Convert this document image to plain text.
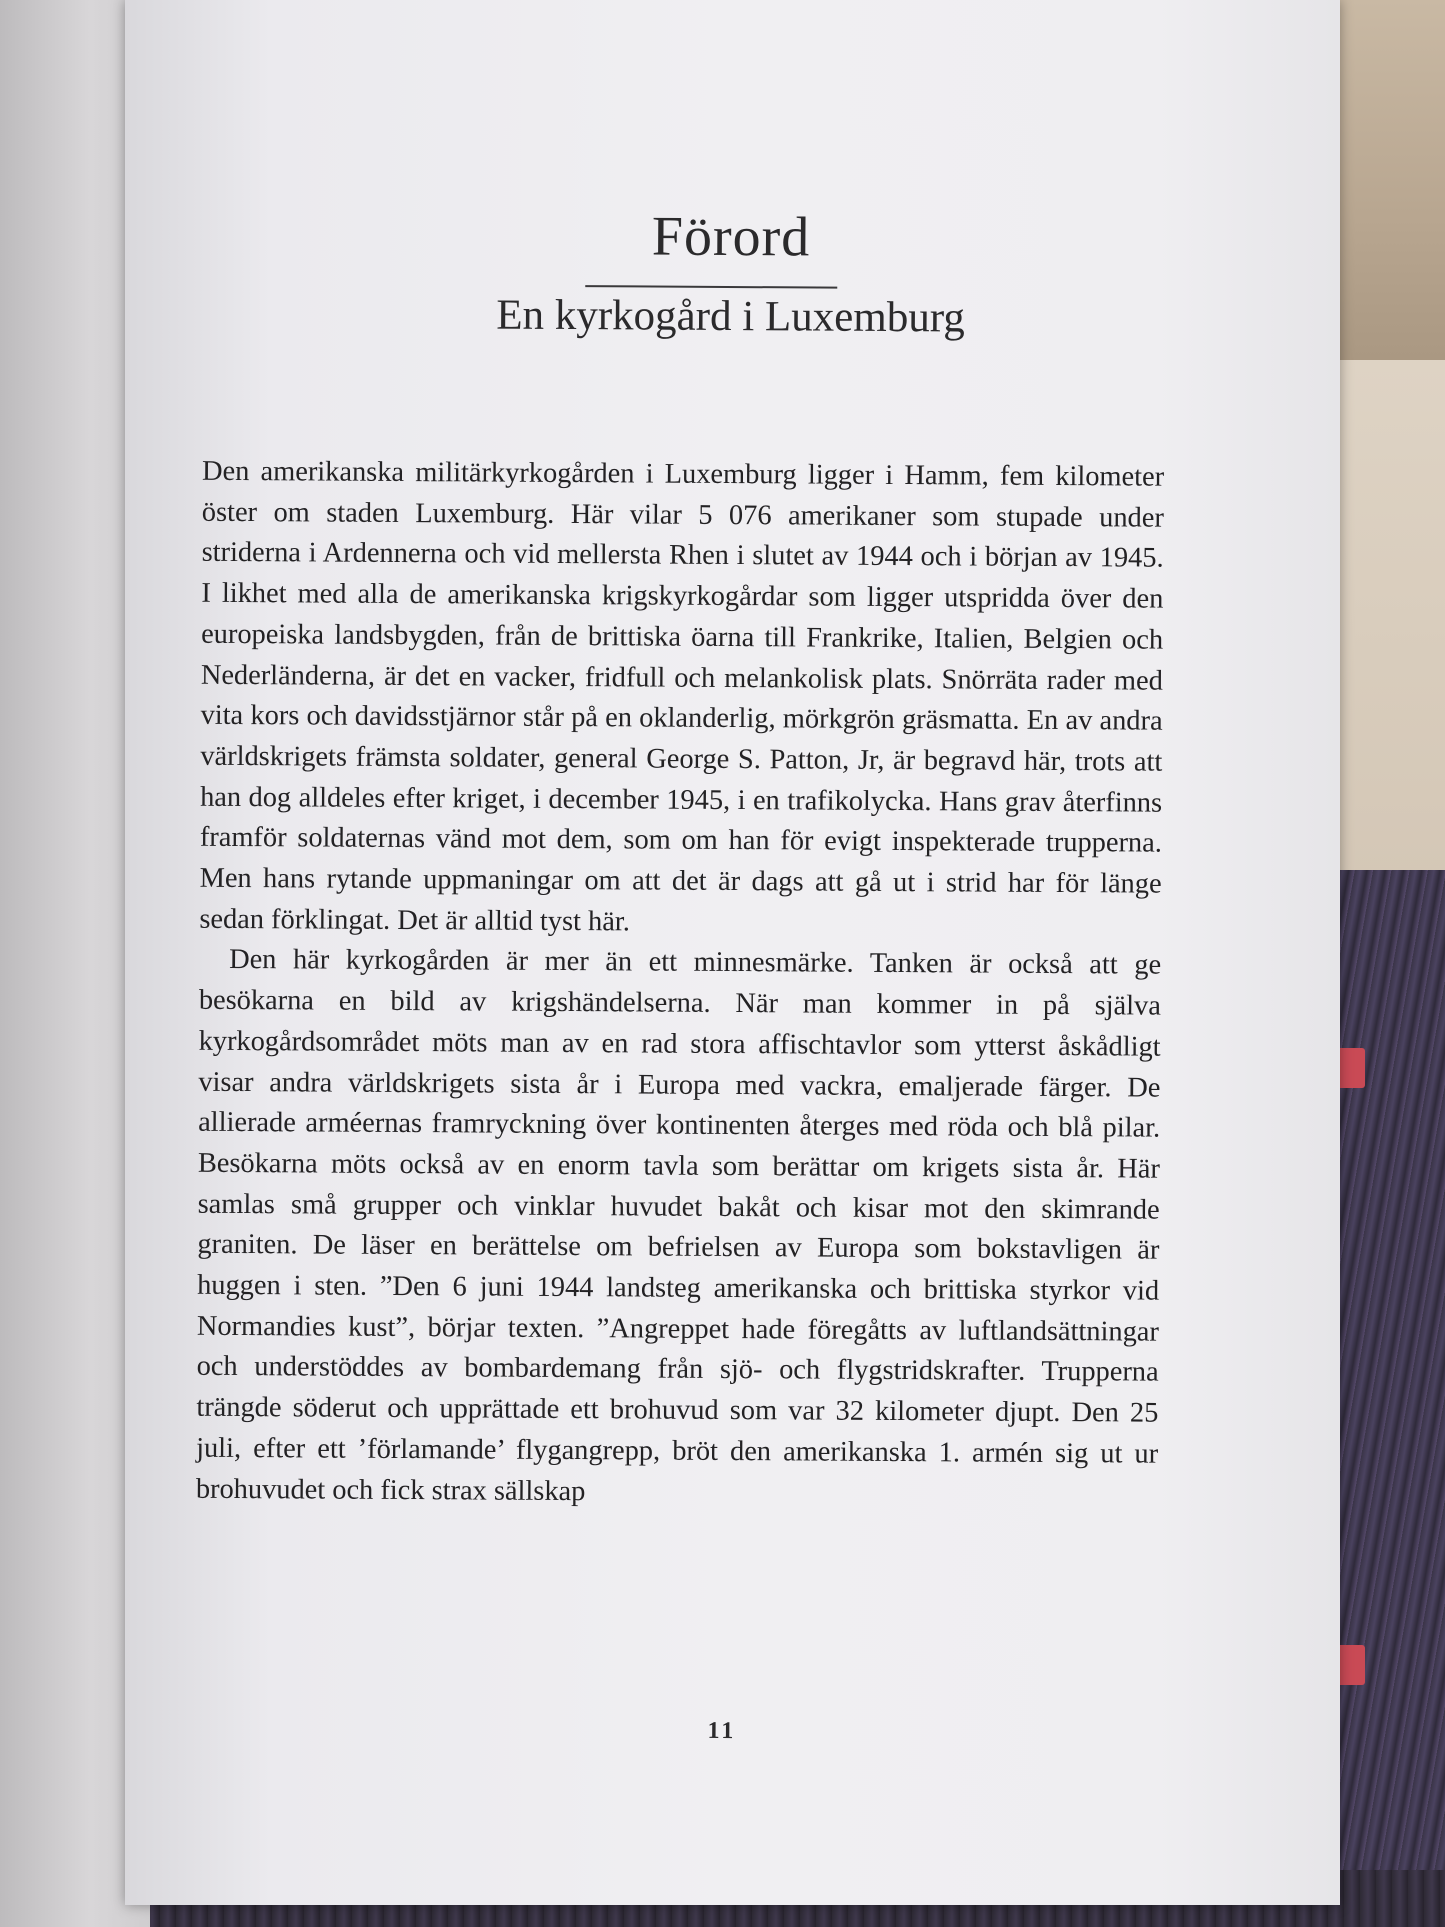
Förord
En kyrkogård i Luxemburg

Den amerikanska militärkyrkogården i Luxemburg ligger i Hamm, fem kilometer öster om staden Luxemburg. Här vilar 5 076 amerikaner som stupade under striderna i Ardennerna och vid mellersta Rhen i slutet av 1944 och i början av 1945. I likhet med alla de amerikanska krigskyrkogårdar som ligger utspridda över den europeiska landsbygden, från de brittiska öarna till Frankrike, Italien, Belgien och Nederländerna, är det en vacker, fridfull och melankolisk plats. Snörräta rader med vita kors och davidsstjärnor står på en oklanderlig, mörkgrön gräsmatta. En av andra världskrigets främsta soldater, general George S. Patton, Jr, är begravd här, trots att han dog alldeles efter kriget, i december 1945, i en trafikolycka. Hans grav återfinns framför soldaternas vänd mot dem, som om han för evigt inspekterade trupperna. Men hans rytande uppmaningar om att det är dags att gå ut i strid har för länge sedan förklingat. Det är alltid tyst här.

Den här kyrkogården är mer än ett minnesmärke. Tanken är också att ge besökarna en bild av krigshändelserna. När man kommer in på själva kyrkogårdsområdet möts man av en rad stora affischtavlor som ytterst åskådligt visar andra världskrigets sista år i Europa med vackra, emaljerade färger. De allierade arméernas framryckning över kontinenten återges med röda och blå pilar. Besökarna möts också av en enorm tavla som berättar om krigets sista år. Här samlas små grupper och vinklar huvudet bakåt och kisar mot den skimrande graniten. De läser en berättelse om befrielsen av Europa som bokstavligen är huggen i sten. ”Den 6 juni 1944 landsteg amerikanska och brittiska styrkor vid Normandies kust”, börjar texten. ”Angreppet hade föregåtts av luftlandsättningar och understöddes av bombardemang från sjö- och flygstridskrafter. Trupperna trängde söderut och upprättade ett brohuvud som var 32 kilometer djupt. Den 25 juli, efter ett ’förlamande’ flygangrepp, bröt den amerikanska 1. armén sig ut ur brohuvudet och fick strax sällskap

11
